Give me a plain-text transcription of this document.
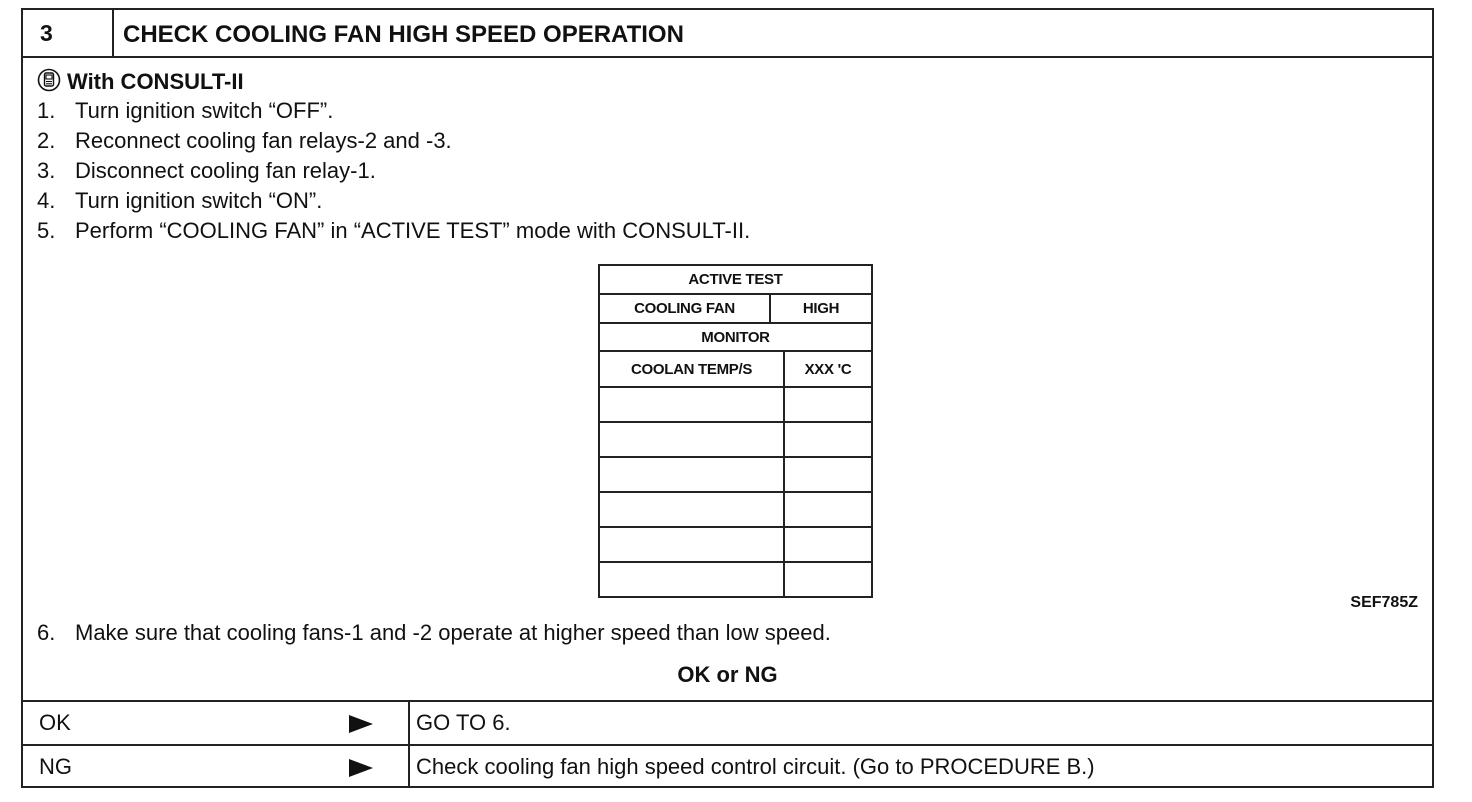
3	CHECK COOLING FAN HIGH SPEED OPERATION
With CONSULT-II
1. Turn ignition switch “OFF”.
2. Reconnect cooling fan relays-2 and -3.
3. Disconnect cooling fan relay-1.
4. Turn ignition switch “ON”.
5. Perform “COOLING FAN” in “ACTIVE TEST” mode with CONSULT-II.
ACTIVE TEST
COOLING FAN	HIGH
MONITOR
COOLAN TEMP/S	XXX 'C
SEF785Z
6. Make sure that cooling fans-1 and -2 operate at higher speed than low speed.
OK or NG
OK	GO TO 6.
NG	Check cooling fan high speed control circuit. (Go to PROCEDURE B.)
